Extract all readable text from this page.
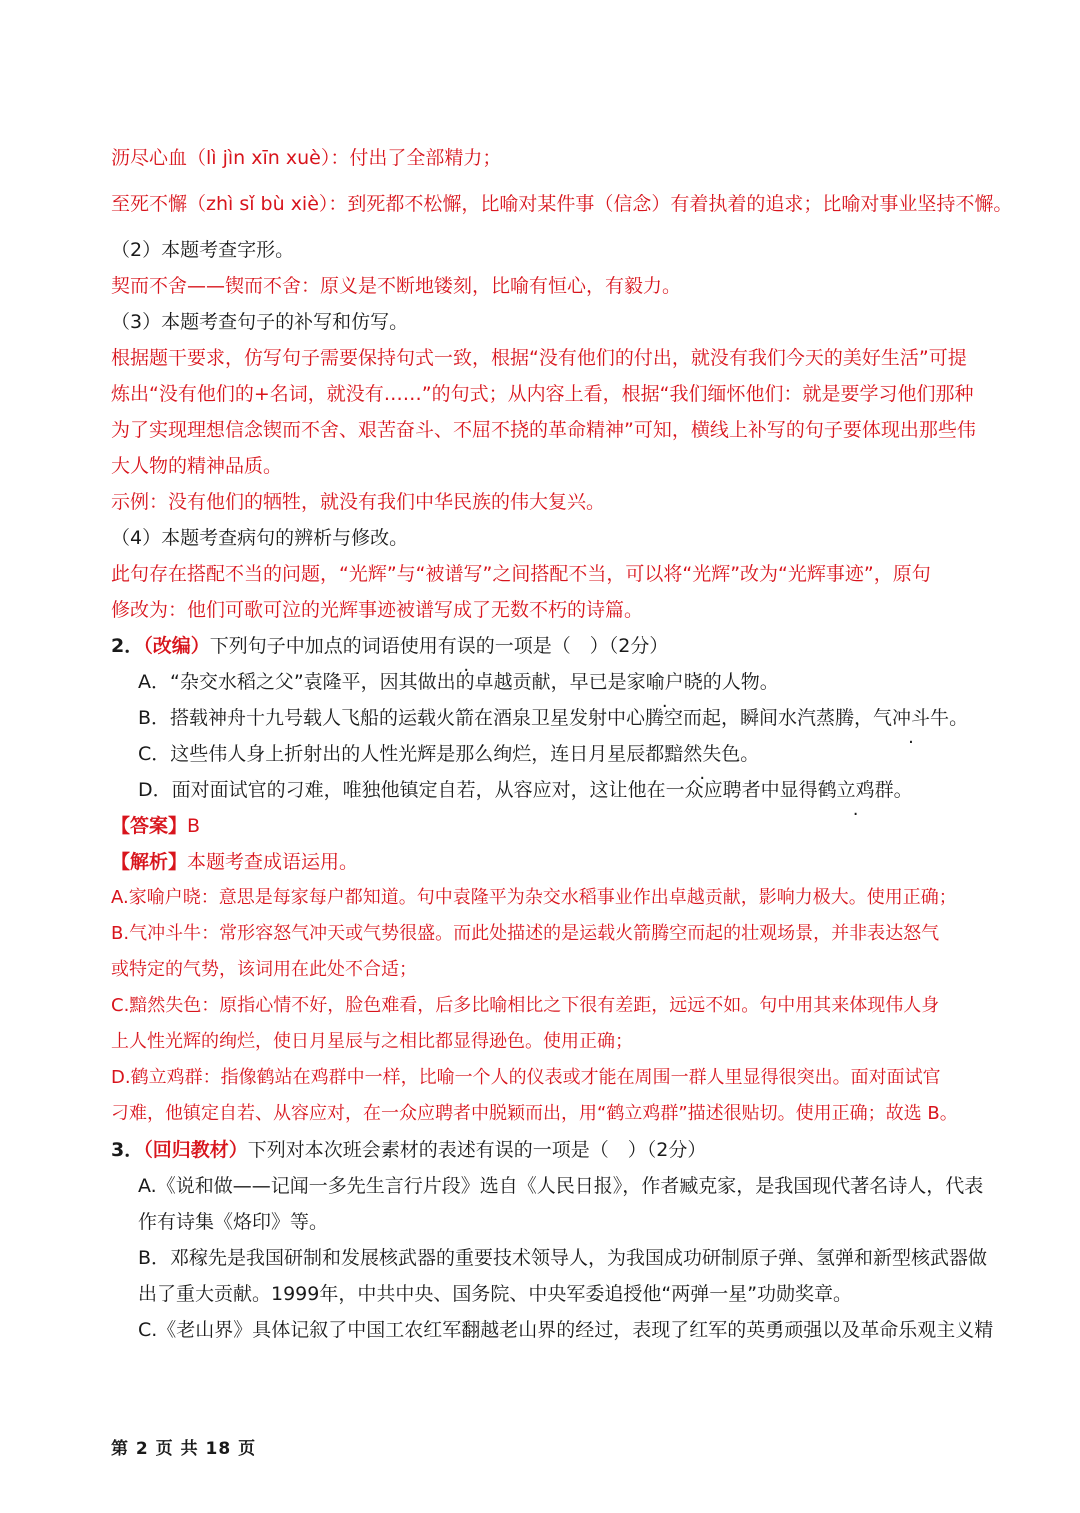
沥尽心血（lì jìn xīn xuè）：付出了全部精力；
至死不懈（zhì sǐ bù xiè）：到死都不松懈，比喻对某件事（信念）有着执着的追求；比喻对事业坚持不懈。
（2）本题考查字形。
契而不舍——锲而不舍：原义是不断地镂刻，比喻有恒心，有毅力。
（3）本题考查句子的补写和仿写。
根据题干要求，仿写句子需要保持句式一致，根据“没有他们的付出，就没有我们今天的美好生活”可提
炼出“没有他们的+名词，就没有……”的句式；从内容上看，根据“我们缅怀他们：就是要学习他们那种
为了实现理想信念锲而不舍、艰苦奋斗、不屈不挠的革命精神”可知，横线上补写的句子要体现出那些伟
大人物的精神品质。
示例：没有他们的牺牲，就没有我们中华民族的伟大复兴。
（4）本题考查病句的辨析与修改。
此句存在搭配不当的问题，“光辉”与“被谱写”之间搭配不当，可以将“光辉”改为“光辉事迹”，原句
修改为：他们可歌可泣的光辉事迹被谱写成了无数不朽的诗篇。
2．（改编）下列句子中加点的词语使用有误的一项是（　）（2分）
A．“杂交水稻之父”袁隆平，因其做出的卓越贡献，早已是家喻户晓的人物。
B．搭载神舟十九号载人飞船的运载火箭在酒泉卫星发射中心腾空而起，瞬间水汽蒸腾，气冲斗牛。
C．这些伟人身上折射出的人性光辉是那么绚烂，连日月星辰都黯然失色。
D．面对面试官的刁难，唯独他镇定自若，从容应对，这让他在一众应聘者中显得鹤立鸡群。
【答案】B
【解析】本题考查成语运用。
A.家喻户晓：意思是每家每户都知道。句中袁隆平为杂交水稻事业作出卓越贡献，影响力极大。使用正确；
B.气冲斗牛：常形容怒气冲天或气势很盛。而此处描述的是运载火箭腾空而起的壮观场景，并非表达怒气
或特定的气势，该词用在此处不合适；
C.黯然失色：原指心情不好，脸色难看，后多比喻相比之下很有差距，远远不如。句中用其来体现伟人身
上人性光辉的绚烂，使日月星辰与之相比都显得逊色。使用正确；
D.鹤立鸡群：指像鹤站在鸡群中一样，比喻一个人的仪表或才能在周围一群人里显得很突出。面对面试官
刁难，他镇定自若、从容应对，在一众应聘者中脱颖而出，用“鹤立鸡群”描述很贴切。使用正确；故选 B。
3．（回归教材）下列对本次班会素材的表述有误的一项是（　）（2分）
A.《说和做——记闻一多先生言行片段》选自《人民日报》，作者臧克家，是我国现代著名诗人，代表
作有诗集《烙印》等。
B．邓稼先是我国研制和发展核武器的重要技术领导人，为我国成功研制原子弹、氢弹和新型核武器做
出了重大贡献。1999年，中共中央、国务院、中央军委追授他“两弹一星”功勋奖章。
C.《老山界》具体记叙了中国工农红军翻越老山界的经过，表现了红军的英勇顽强以及革命乐观主义精
第 2 页 共 18 页
